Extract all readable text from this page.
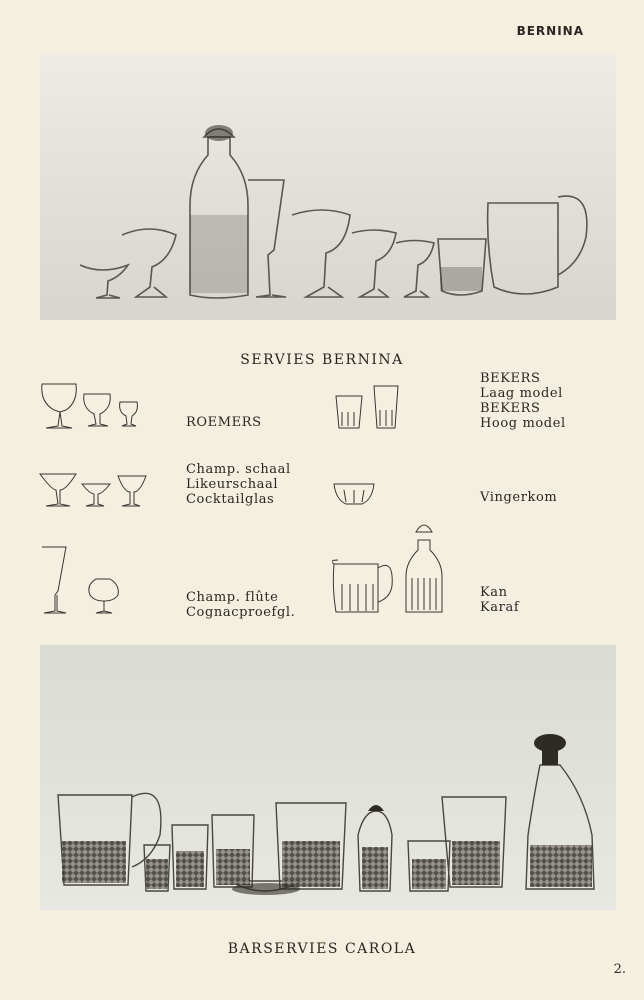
BERNINA
SERVIES BERNINA
ROEMERS
BEKERS
Laag model
BEKERS
Hoog model
Champ. schaal
Likeurschaal
Cocktailglas	Vingerkom
Champ. flûte
Cognacproefgl.
Kan
Karaf
BARSERVIES CAROLA
2.
